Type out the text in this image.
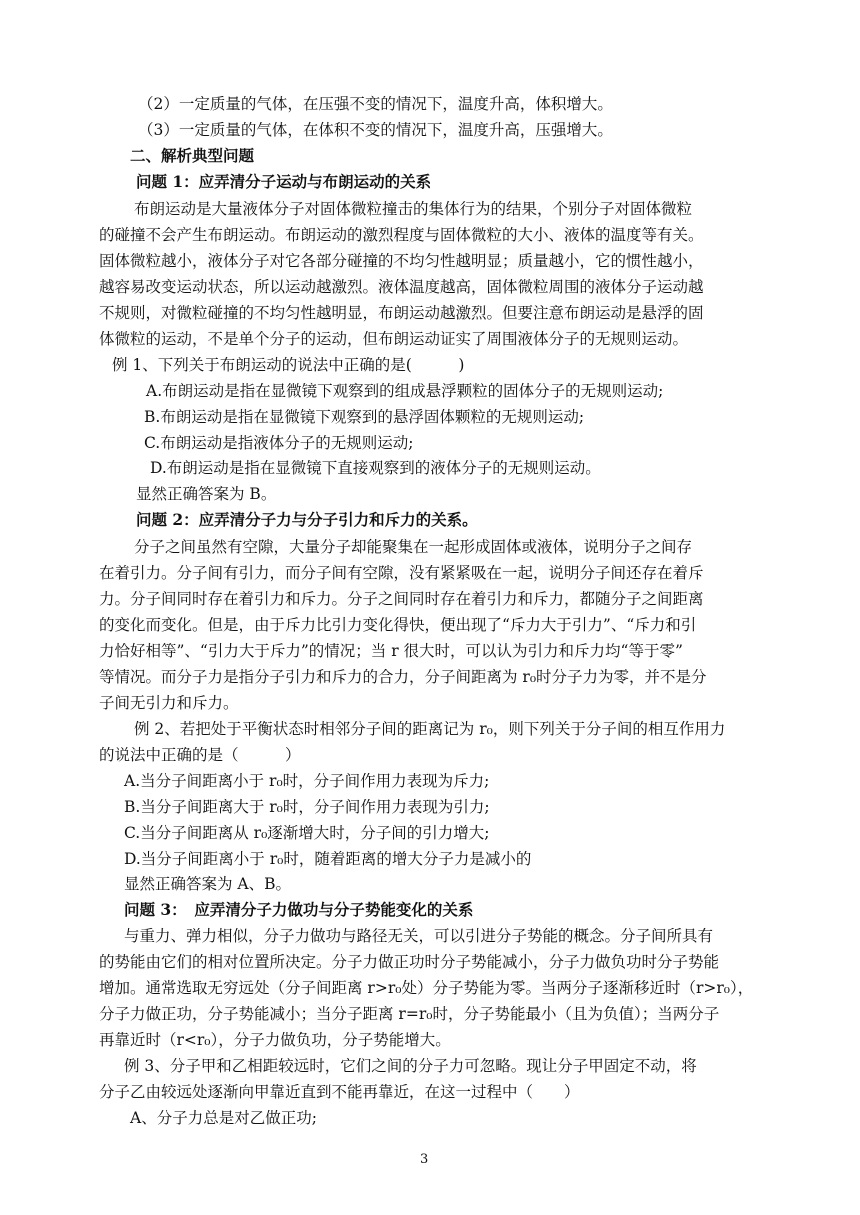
（2）一定质量的气体，在压强不变的情况下，温度升高，体积增大。
（3）一定质量的气体，在体积不变的情况下，温度升高，压强增大。
二、解析典型问题
问题 1：应弄清分子运动与布朗运动的关系
布朗运动是大量液体分子对固体微粒撞击的集体行为的结果，个别分子对固体微粒
的碰撞不会产生布朗运动。布朗运动的激烈程度与固体微粒的大小、液体的温度等有关。
固体微粒越小，液体分子对它各部分碰撞的不均匀性越明显；质量越小，它的惯性越小，
越容易改变运动状态，所以运动越激烈。液体温度越高，固体微粒周围的液体分子运动越
不规则，对微粒碰撞的不均匀性越明显，布朗运动越激烈。但要注意布朗运动是悬浮的固
体微粒的运动，不是单个分子的运动，但布朗运动证实了周围液体分子的无规则运动。
例 1、下列关于布朗运动的说法中正确的是(　　　)
A.布朗运动是指在显微镜下观察到的组成悬浮颗粒的固体分子的无规则运动;
B.布朗运动是指在显微镜下观察到的悬浮固体颗粒的无规则运动;
C.布朗运动是指液体分子的无规则运动;
D.布朗运动是指在显微镜下直接观察到的液体分子的无规则运动。
显然正确答案为 B。
问题 2：应弄清分子力与分子引力和斥力的关系。
分子之间虽然有空隙，大量分子却能聚集在一起形成固体或液体，说明分子之间存
在着引力。分子间有引力，而分子间有空隙，没有紧紧吸在一起，说明分子间还存在着斥
力。分子间同时存在着引力和斥力。分子之间同时存在着引力和斥力，都随分子之间距离
的变化而变化。但是，由于斥力比引力变化得快，便出现了“斥力大于引力”、“斥力和引
力恰好相等”、“引力大于斥力”的情况；当 r 很大时，可以认为引力和斥力均“等于零”
等情况。而分子力是指分子引力和斥力的合力，分子间距离为 r₀时分子力为零，并不是分
子间无引力和斥力。
例 2、若把处于平衡状态时相邻分子间的距离记为 r₀，则下列关于分子间的相互作用力
的说法中正确的是（　　　）
A.当分子间距离小于 r₀时，分子间作用力表现为斥力;
B.当分子间距离大于 r₀时，分子间作用力表现为引力;
C.当分子间距离从 r₀逐渐增大时，分子间的引力增大;
D.当分子间距离小于 r₀时，随着距离的增大分子力是减小的
显然正确答案为 A、B。
问题 3：　应弄清分子力做功与分子势能变化的关系
与重力、弹力相似，分子力做功与路径无关，可以引进分子势能的概念。分子间所具有
的势能由它们的相对位置所决定。分子力做正功时分子势能减小，分子力做负功时分子势能
增加。通常选取无穷远处（分子间距离 r>r₀处）分子势能为零。当两分子逐渐移近时（r>r₀），
分子力做正功，分子势能减小；当分子距离 r=r₀时，分子势能最小（且为负值）；当两分子
再靠近时（r<r₀），分子力做负功，分子势能增大。
例 3、分子甲和乙相距较远时，它们之间的分子力可忽略。现让分子甲固定不动，将
分子乙由较远处逐渐向甲靠近直到不能再靠近，在这一过程中（　　）
A、分子力总是对乙做正功;
3
